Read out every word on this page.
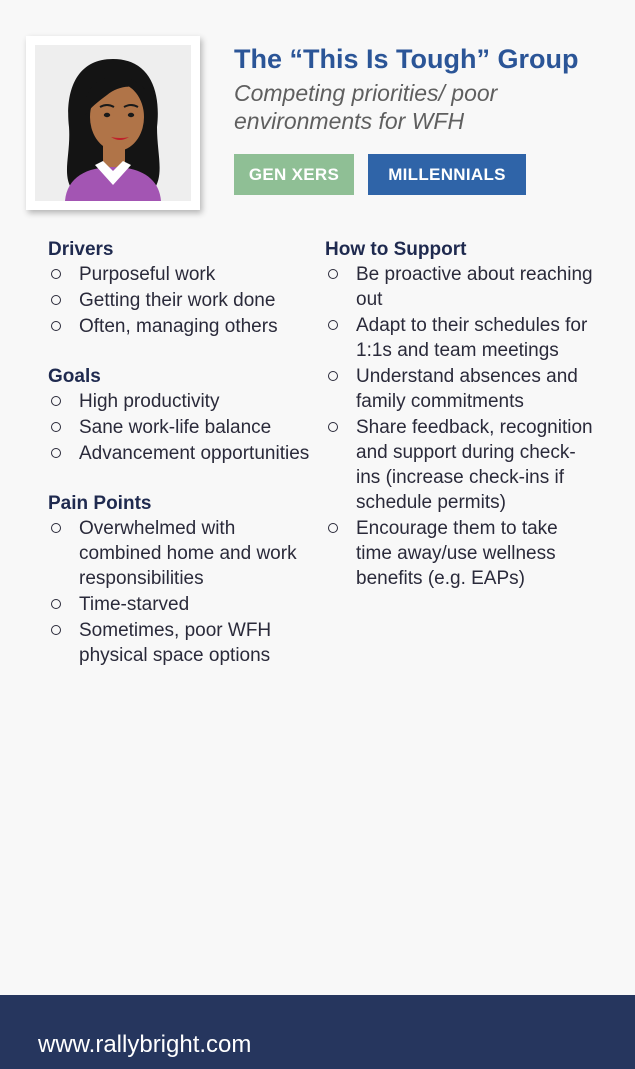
The “This Is Tough” Group
Competing priorities/ poor environments for WFH
GEN XERS	MILLENNIALS
Drivers
Purposeful work
Getting their work done
Often, managing others
Goals
High productivity
Sane work-life balance
Advancement opportunities
Pain Points
Overwhelmed with combined home and work responsibilities
Time-starved
Sometimes, poor WFH physical space options
How to Support
Be proactive about reaching out
Adapt to their schedules for 1:1s and team meetings
Understand absences and family commitments
Share feedback, recognition and support during check-ins (increase check-ins if schedule permits)
Encourage them to take time away/use wellness benefits (e.g. EAPs)
www.rallybright.com
